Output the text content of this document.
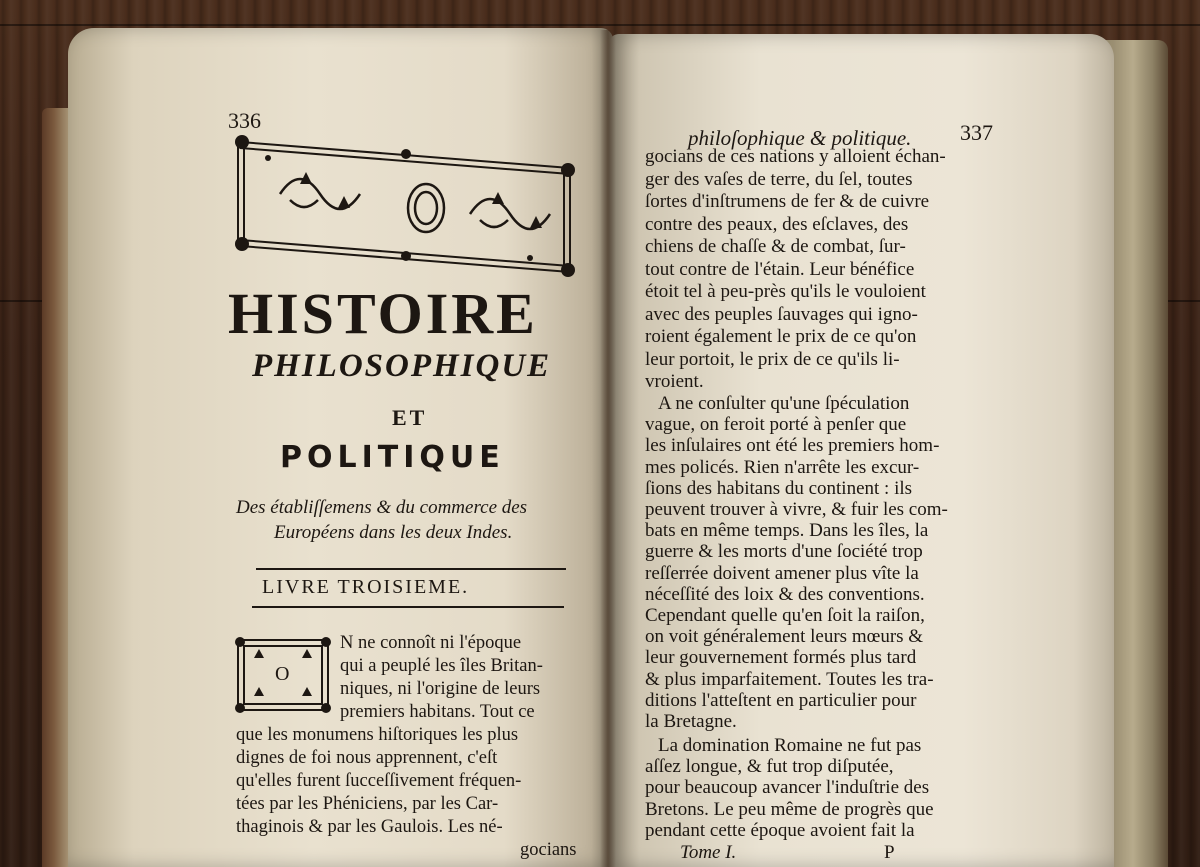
336
HISTOIRE
PHILOSOPHIQUE
ET
POLITIQUE
Des établiſſemens & du commerce des
Européens dans les deux Indes.
LIVRE TROISIEME.
O
N ne connoît ni l'époque
qui a peuplé les îles Britan-
niques, ni l'origine de leurs
premiers habitans. Tout ce
que les monumens hiſtoriques les plus
dignes de foi nous apprennent, c'eſt
qu'elles furent ſucceſſivement fréquen-
tées par les Phéniciens, par les Car-
thaginois & par les Gaulois. Les né-
gocians
philoſophique & politique. 337
gocians de ces nations y alloient échan-
ger des vaſes de terre, du ſel, toutes
ſortes d'inſtrumens de fer & de cuivre
contre des peaux, des eſclaves, des
chiens de chaſſe & de combat, ſur-
tout contre de l'étain. Leur bénéfice
étoit tel à peu-près qu'ils le vouloient
avec des peuples ſauvages qui igno-
roient également le prix de ce qu'on
leur portoit, le prix de ce qu'ils li-
vroient.
A ne conſulter qu'une ſpéculation
vague, on feroit porté à penſer que
les inſulaires ont été les premiers hom-
mes policés. Rien n'arrête les excur-
ſions des habitans du continent : ils
peuvent trouver à vivre, & fuir les com-
bats en même temps. Dans les îles, la
guerre & les morts d'une ſociété trop
reſſerrée doivent amener plus vîte la
néceſſité des loix & des conventions.
Cependant quelle qu'en ſoit la raiſon,
on voit généralement leurs mœurs &
leur gouvernement formés plus tard
& plus imparfaitement. Toutes les tra-
ditions l'atteſtent en particulier pour
la Bretagne.
La domination Romaine ne fut pas
aſſez longue, & fut trop diſputée,
pour beaucoup avancer l'induſtrie des
Bretons. Le peu même de progrès que
pendant cette époque avoient fait la
Tome I.	P
